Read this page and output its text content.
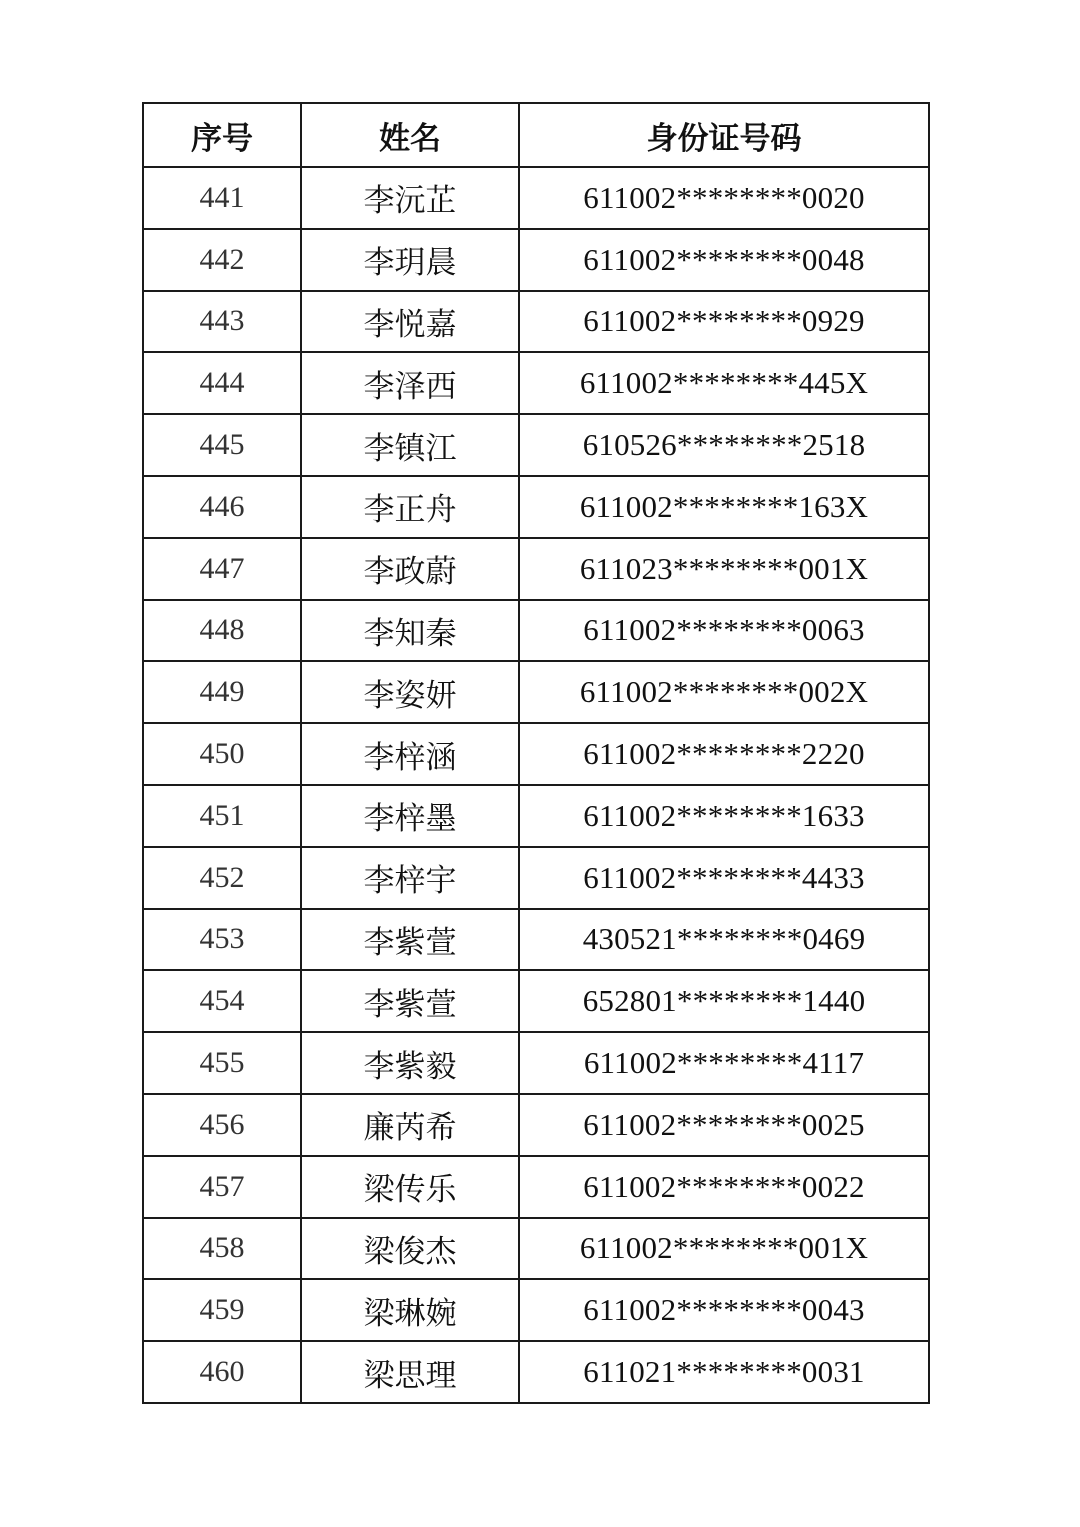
序号	姓名	身份证号码
441	李沅芷	611002********0020
442	李玥晨	611002********0048
443	李悦嘉	611002********0929
444	李泽西	611002********445X
445	李镇江	610526********2518
446	李正舟	611002********163X
447	李政蔚	611023********001X
448	李知秦	611002********0063
449	李姿妍	611002********002X
450	李梓涵	611002********2220
451	李梓墨	611002********1633
452	李梓宇	611002********4433
453	李紫萱	430521********0469
454	李紫萱	652801********1440
455	李紫毅	611002********4117
456	廉芮希	611002********0025
457	梁传乐	611002********0022
458	梁俊杰	611002********001X
459	梁琳婉	611002********0043
460	梁思理	611021********0031
